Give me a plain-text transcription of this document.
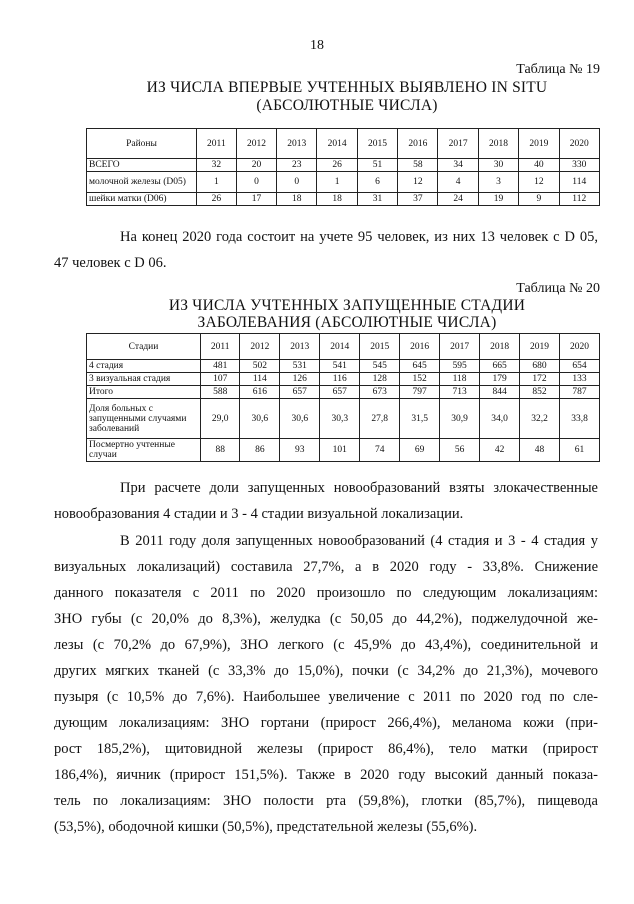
18
Таблица № 19
ИЗ ЧИСЛА ВПЕРВЫЕ УЧТЕННЫХ ВЫЯВЛЕНО IN SITU
(АБСОЛЮТНЫЕ ЧИСЛА)
Районы	2011	2012	2013	2014	2015	2016	2017	2018	2019	2020
ВСЕГО	32	20	23	26	51	58	34	30	40	330
молочной железы (D05)	1	0	0	1	6	12	4	3	12	114
шейки матки (D06)	26	17	18	18	31	37	24	19	9	112
На конец 2020 года состоит на учете 95 человек, из них 13 человек с D 05,
47 человек с D 06.
Таблица № 20
ИЗ ЧИСЛА УЧТЕННЫХ ЗАПУЩЕННЫЕ СТАДИИ
ЗАБОЛЕВАНИЯ (АБСОЛЮТНЫЕ ЧИСЛА)
Стадии	2011	2012	2013	2014	2015	2016	2017	2018	2019	2020
4 стадия	481	502	531	541	545	645	595	665	680	654
3 визуальная стадия	107	114	126	116	128	152	118	179	172	133
Итого	588	616	657	657	673	797	713	844	852	787
Доля больных с запущенными случаями заболеваний	29,0	30,6	30,6	30,3	27,8	31,5	30,9	34,0	32,2	33,8
Посмертно учтенные случаи	88	86	93	101	74	69	56	42	48	61
При расчете доли запущенных новообразований взяты злокачественные
новообразования 4 стадии и 3 - 4 стадии визуальной локализации.
В 2011 году доля запущенных новообразований (4 стадия и 3 - 4 стадия у
визуальных локализаций) составила 27,7%, а в 2020 году - 33,8%. Снижение
данного показателя с 2011 по 2020 произошло по следующим локализациям:
ЗНО губы (с 20,0% до 8,3%), желудка (с 50,05 до 44,2%), поджелудочной же-
лезы (с 70,2% до 67,9%), ЗНО легкого (с 45,9% до 43,4%), соединительной и
других мягких тканей (с 33,3% до 15,0%), почки (с 34,2% до 21,3%), мочевого
пузыря (с 10,5% до 7,6%). Наибольшее увеличение с 2011 по 2020 год по сле-
дующим локализациям: ЗНО гортани (прирост 266,4%), меланома кожи (при-
рост 185,2%), щитовидной железы (прирост 86,4%), тело матки (прирост
186,4%), яичник (прирост 151,5%). Также в 2020 году высокий данный показа-
тель по локализациям: ЗНО полости рта (59,8%), глотки (85,7%), пищевода
(53,5%), ободочной кишки (50,5%), предстательной железы (55,6%).
